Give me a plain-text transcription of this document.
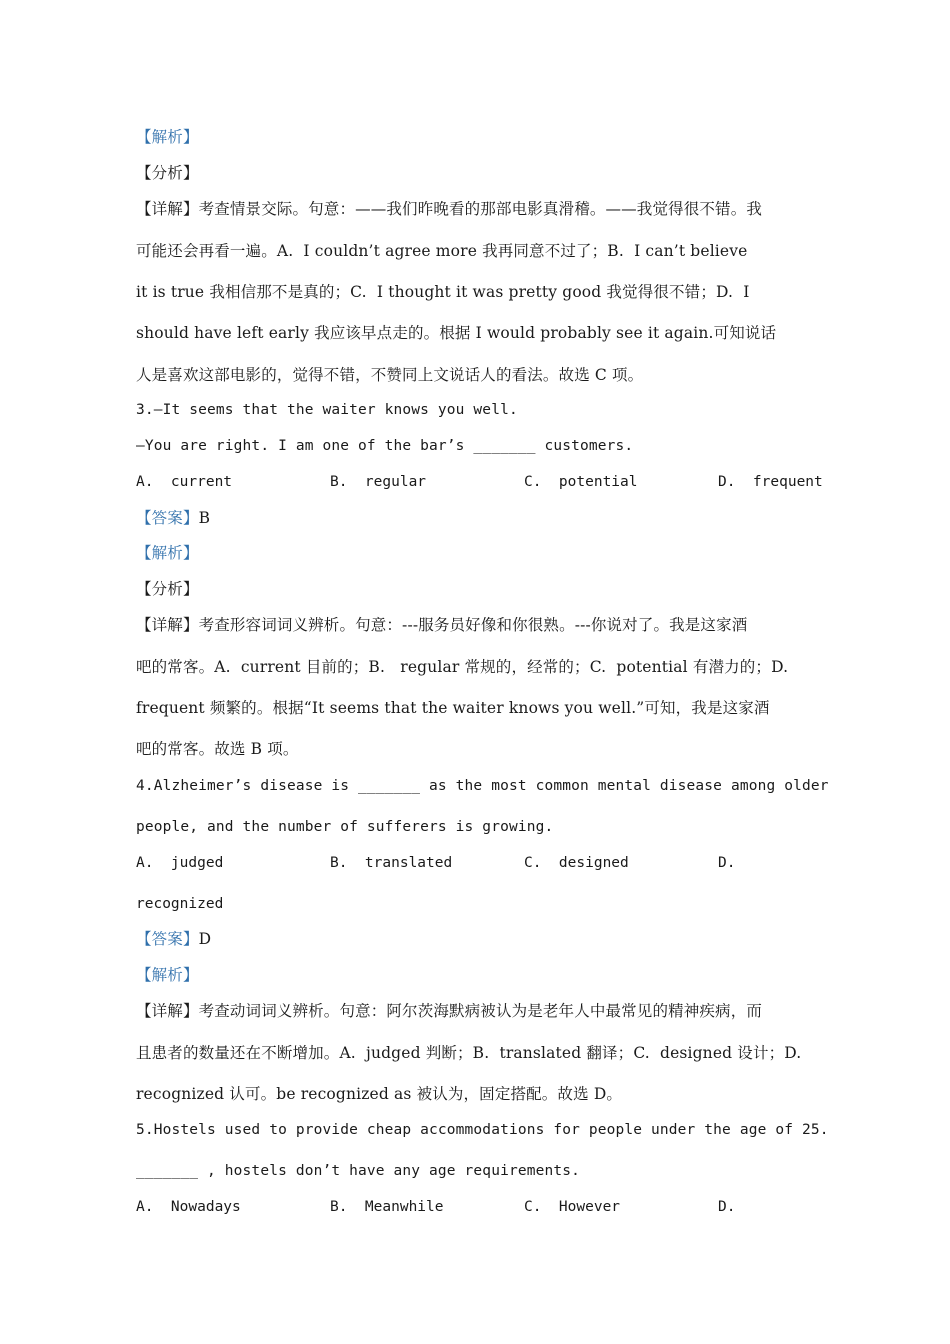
【解析】
【分析】
【详解】考查情景交际。句意：——我们昨晚看的那部电影真滑稽。——我觉得很不错。我
可能还会再看一遍。A.  I couldn’t agree more 我再同意不过了；B.  I can’t believe
it is true 我相信那不是真的；C.  I thought it was pretty good 我觉得很不错；D.  I
should have left early 我应该早点走的。根据 I would probably see it again.可知说话
人是喜欢这部电影的，觉得不错，不赞同上文说话人的看法。故选 C 项。
3.—It seems that the waiter knows you well.
—You are right. I am one of the bar’s _______ customers.
A.  current	B.  regular	C.  potential	D.  frequent
【答案】B
【解析】
【分析】
【详解】考查形容词词义辨析。句意：---服务员好像和你很熟。---你说对了。我是这家酒
吧的常客。A.  current 目前的；B.   regular 常规的，经常的；C.  potential 有潜力的；D.
frequent 频繁的。根据“It seems that the waiter knows you well.”可知，我是这家酒
吧的常客。故选 B 项。
4.Alzheimer’s disease is _______ as the most common mental disease among older
people, and the number of sufferers is growing.
A.  judged	B.  translated	C.  designed	D.
recognized
【答案】D
【解析】
【详解】考查动词词义辨析。句意：阿尔茨海默病被认为是老年人中最常见的精神疾病，而
且患者的数量还在不断增加。A.  judged 判断；B.  translated 翻译；C.  designed 设计；D.
recognized 认可。be recognized as 被认为，固定搭配。故选 D。
5.Hostels used to provide cheap accommodations for people under the age of 25.
_______ , hostels don’t have any age requirements.
A.  Nowadays	B.  Meanwhile	C.  However	D.
